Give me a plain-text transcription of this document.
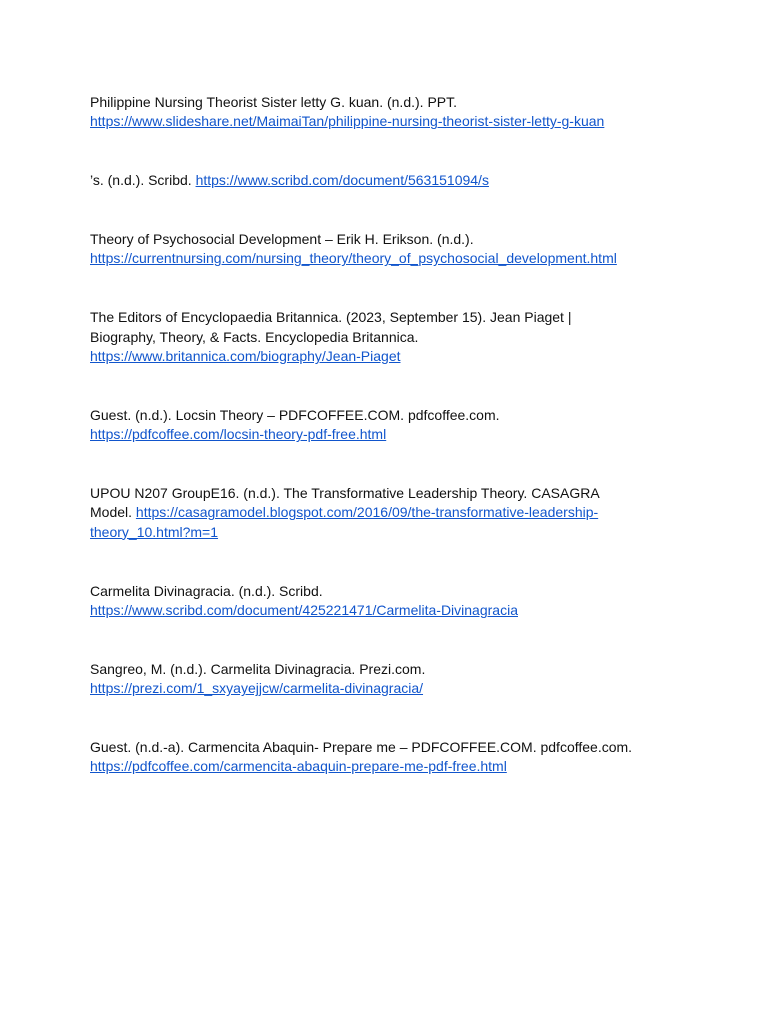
Philippine Nursing Theorist Sister letty G. kuan. (n.d.). PPT.
https://www.slideshare.net/MaimaiTan/philippine-nursing-theorist-sister-letty-g-kuan
’s. (n.d.). Scribd. https://www.scribd.com/document/563151094/s
Theory of Psychosocial Development – Erik H. Erikson. (n.d.).
https://currentnursing.com/nursing_theory/theory_of_psychosocial_development.html
The Editors of Encyclopaedia Britannica. (2023, September 15). Jean Piaget |
Biography, Theory, & Facts. Encyclopedia Britannica.
https://www.britannica.com/biography/Jean-Piaget
Guest. (n.d.). Locsin Theory – PDFCOFFEE.COM. pdfcoffee.com.
https://pdfcoffee.com/locsin-theory-pdf-free.html
UPOU N207 GroupE16. (n.d.). The Transformative Leadership Theory. CASAGRA
Model. https://casagramodel.blogspot.com/2016/09/the-transformative-leadership-
theory_10.html?m=1
Carmelita Divinagracia. (n.d.). Scribd.
https://www.scribd.com/document/425221471/Carmelita-Divinagracia
Sangreo, M. (n.d.). Carmelita Divinagracia. Prezi.com.
https://prezi.com/1_sxyayejjcw/carmelita-divinagracia/
Guest. (n.d.-a). Carmencita Abaquin- Prepare me – PDFCOFFEE.COM. pdfcoffee.com.
https://pdfcoffee.com/carmencita-abaquin-prepare-me-pdf-free.html
